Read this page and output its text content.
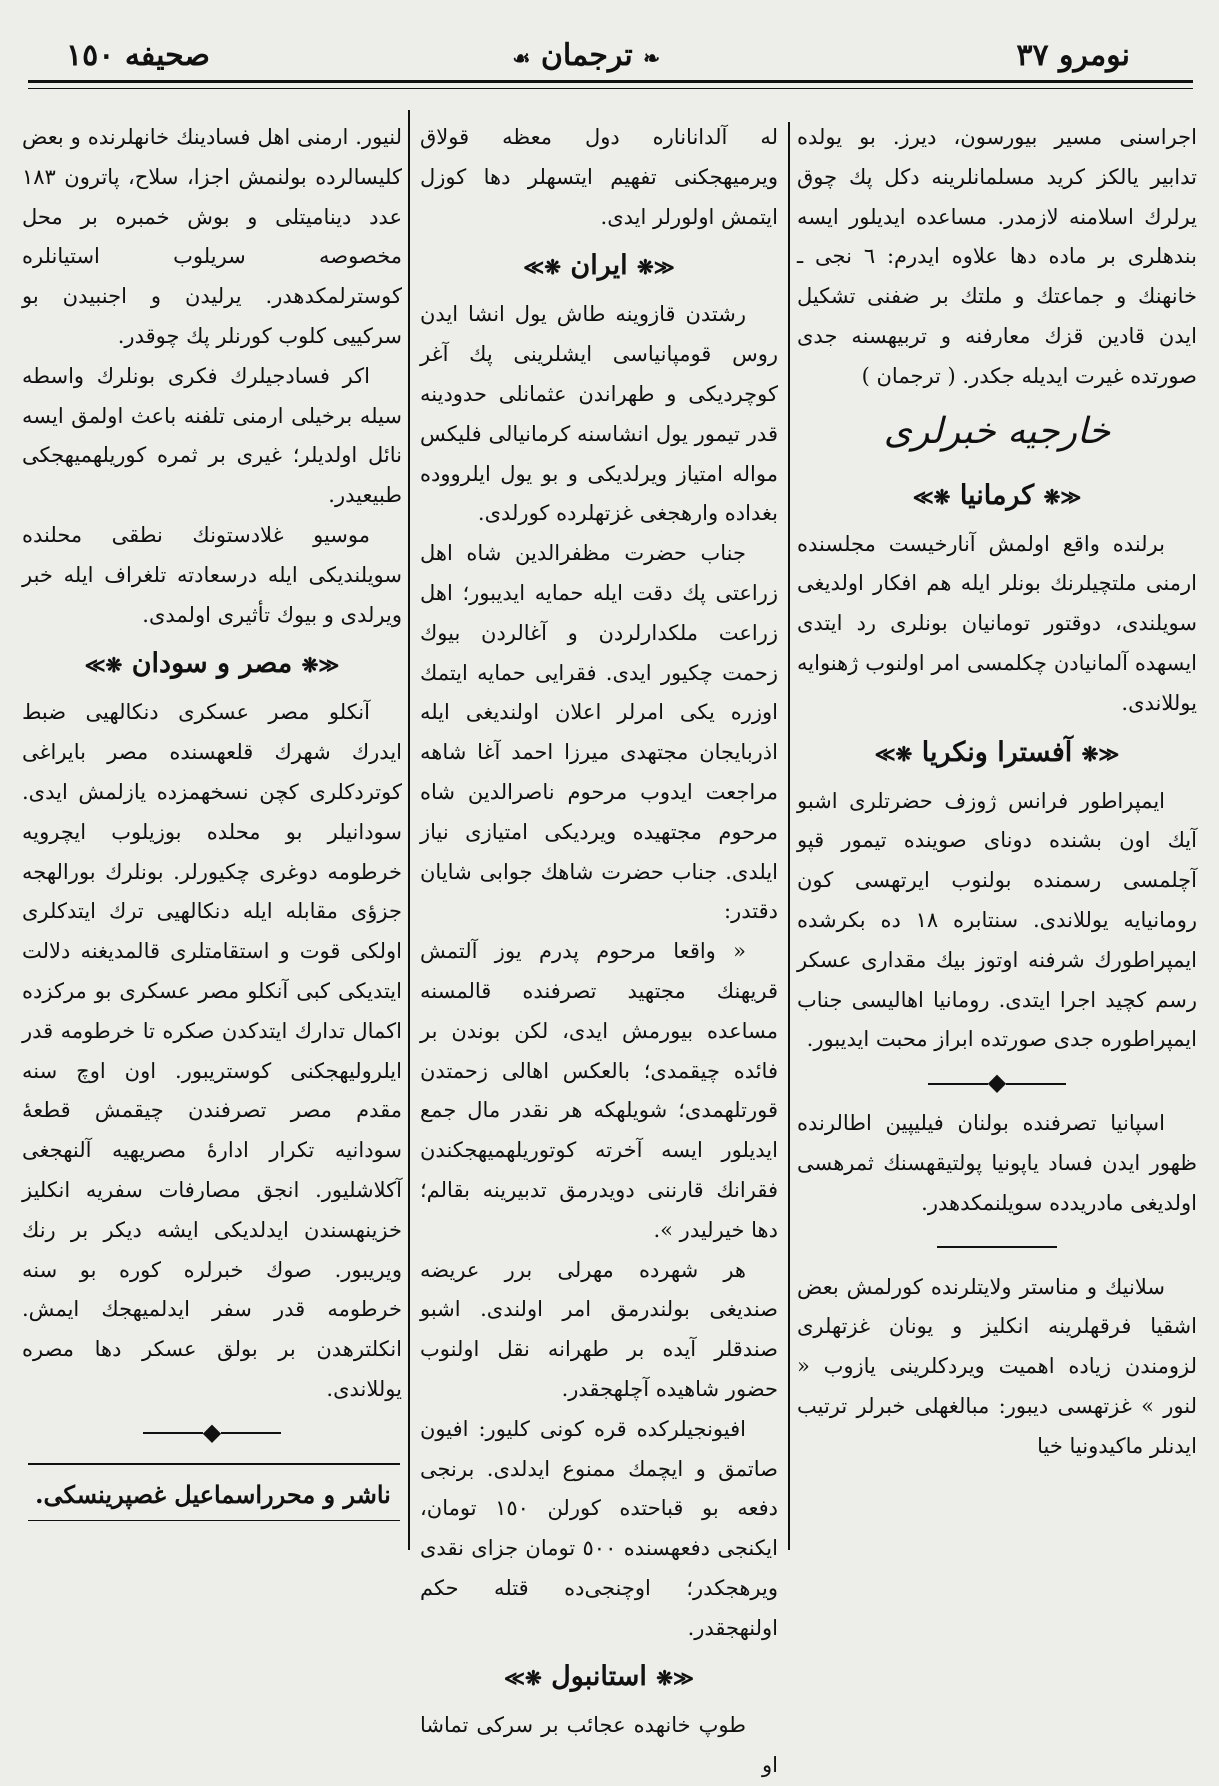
صحيفه ١٥٠	❧ ترجمان ☙	نومرو ٣٧

اجراسنی مسیر بیورسون، دیرز. بو یولده تدابیر یالکز کرید مسلمانلرینه دکل پك چوق یرلرك اسلامنه لازمدر. مساعده ایدیلور ایسه بندهلری بر ماده دها علاوه ایدرم: ٦ نجی ـ خانهنك و جماعتك و ملتك بر ضفنی تشکیل ایدن قادین قزك معارفنه و تربیهسنه جدی صورتده غیرت ایدیله جکدر. ( ترجمان )

خارجیه خبرلری
≪❋ كرمانیا ❋≫

برلنده واقع اولمش آنارخیست مجلسنده ارمنی ملتچیلرنك بونلر ایله هم افکار اولدیغی سویلندی، دوقتور تومانیان بونلری رد ایتدی ایسهده آلمانیادن چکلمسی امر اولنوب ژهنوایه یوللاندی.

≪❋ آفسترا ونکریا ❋≫

ایمپراطور فرانس ژوزف حضرتلری اشبو آیك اون بشنده دونای صوینده تیمور قپو آچلمسی رسمنده بولنوب ایرتهسی کون رومانیایه یوللاندی. سنتابره ١٨ ده بکرشده ایمپراطورك شرفنه اوتوز بیك مقداری عسکر رسم کچید اجرا ایتدی. رومانیا اهالیسی جناب ایمپراطوره جدی صورتده ابراز محبت ایدیبور.

◆

اسپانیا تصرفنده بولنان فیلیپین اطالرنده ظهور ایدن فساد یاپونیا پولتیقهسنك ثمرهسی اولدیغی مادریدده سویلنمکدهدر.

سلانیك و مناستر ولایتلرنده کورلمش بعض اشقیا فرقهلرینه انکلیز و یونان غزتهلری لزومندن زیاده اهمیت ویردکلرینی یازوب « لنور » غزتهسی دیبور: مبالغهلی خبرلر ترتیب ایدنلر ماکیدونیا خیا

له آلداناناره دول معظه قولاق ویرمیهجکنی تفهیم ایتسهلر دها کوزل ایتمش اولورلر ایدی.

≪❋ ایران ❋≫

رشتدن قازوینه طاش یول انشا ایدن روس قومپانیاسی ایشلرینی پك آغر کوچردیکی و طهراندن عثمانلی حدودینه قدر تیمور یول انشاسنه کرمانیالی فلیکس مواله امتیاز ویرلدیکی و بو یول ایلرووده بغداده وارهجغی غزتهلرده کورلدی.

جناب حضرت مظفرالدین شاه اهل زراعتی پك دقت ایله حمایه ایدیبور؛ اهل زراعت ملکدارلردن و آغالردن بیوك زحمت چکیور ایدی. فقرایی حمایه ایتمك اوزره یکی امرلر اعلان اولندیغی ایله اذربایجان مجتهدی میرزا احمد آغا شاهه مراجعت ایدوب مرحوم ناصرالدین شاه مرحوم مجتهیده ویردیکی امتیازی نیاز ایلدی. جناب حضرت شاهك جوابی شایان دقتدر:

« واقعا مرحوم پدرم یوز آلتمش قریهنك مجتهید تصرفنده قالمسنه مساعده بیورمش ایدی، لکن بوندن بر فائده چیقمدی؛ بالعکس اهالی زحمتدن قورتلهمدی؛ شویلهکه هر نقدر مال جمع ایدیلور ایسه آخرته کوتوریلهمیهجکندن فقرانك قارننی دویدرمق تدبیرینه بقالم؛ دها خیرلیدر ».

هر شهرده مهرلی برر عریضه صندیغی بولندرمق امر اولندی. اشبو صندقلر آیده بر طهرانه نقل اولنوب حضور شاهیده آچلهجقدر.

افیونجیلرکده قره کونی کلیور: افیون صاتمق و ایچمك ممنوع ایدلدی. برنجی دفعه بو قباحتده کورلن ١٥٠ تومان، ایکنجی دفعهسنده ٥٠٠ تومان جزای نقدی ویرهجکدر؛ اوچنجی‌ده قتله حکم اولنهجقدر.

≪❋ استانبول ❋≫

طوپ خانهده عجائب بر سرکی تماشا او

لنیور. ارمنی اهل فسادینك خانهلرنده و بعض کلیسالرده بولنمش اجزا، سلاح، پاترون ١٨٣ عدد دینامیتلی و بوش خمبره بر محل مخصوصه سریلوب استیانلره کوسترلمکدهدر. یرلیدن و اجنبیدن بو سرکییی کلوب کورنلر پك چوقدر.

اکر فسادجیلرك فکری بونلرك واسطه سیله برخیلی ارمنی تلفنه باعث اولمق ایسه نائل اولدیلر؛ غیری بر ثمره کوریلهمیهجکی طبیعیدر.

موسیو غلادستونك نطقی محلنده سویلندیکی ایله درسعادته تلغراف ایله خبر ویرلدی و بیوك تأثیری اولمدی.

≪❋ مصر و سودان ❋≫

آنکلو مصر عسکری دنکالهیی ضبط ایدرك شهرك قلعهسنده مصر بایراغی کوتردکلری کچن نسخهمزده یازلمش ایدی. سودانیلر بو محلده بوزیلوب ایچرویه خرطومه دوغری چکیورلر. بونلرك بورالهجه جزؤی مقابله ایله دنکالهیی ترك ایتدکلری اولکی قوت و استقامتلری قالمدیغنه دلالت ایتدیکی کبی آنکلو مصر عسکری بو مرکزده اکمال تدارك ایتدکدن صکره تا خرطومه قدر ایلرولیهجکنی کوستریبور. اون اوچ سنه مقدم مصر تصرفندن چیقمش قطعهٔ سودانیه تکرار ادارهٔ مصریهیه آلنهجغی آکلاشلیور. انجق مصارفات سفریه انکلیز خزینهسندن ایدلدیکی ایشه دیکر بر رنك ویریبور. صوك خبرلره کوره بو سنه خرطومه قدر سفر ایدلمیهجك ایمش. انکلترهدن بر بولق عسکر دها مصره یوللاندی.

◆
ناشر و محرراسماعیل غصپرینسکی.
